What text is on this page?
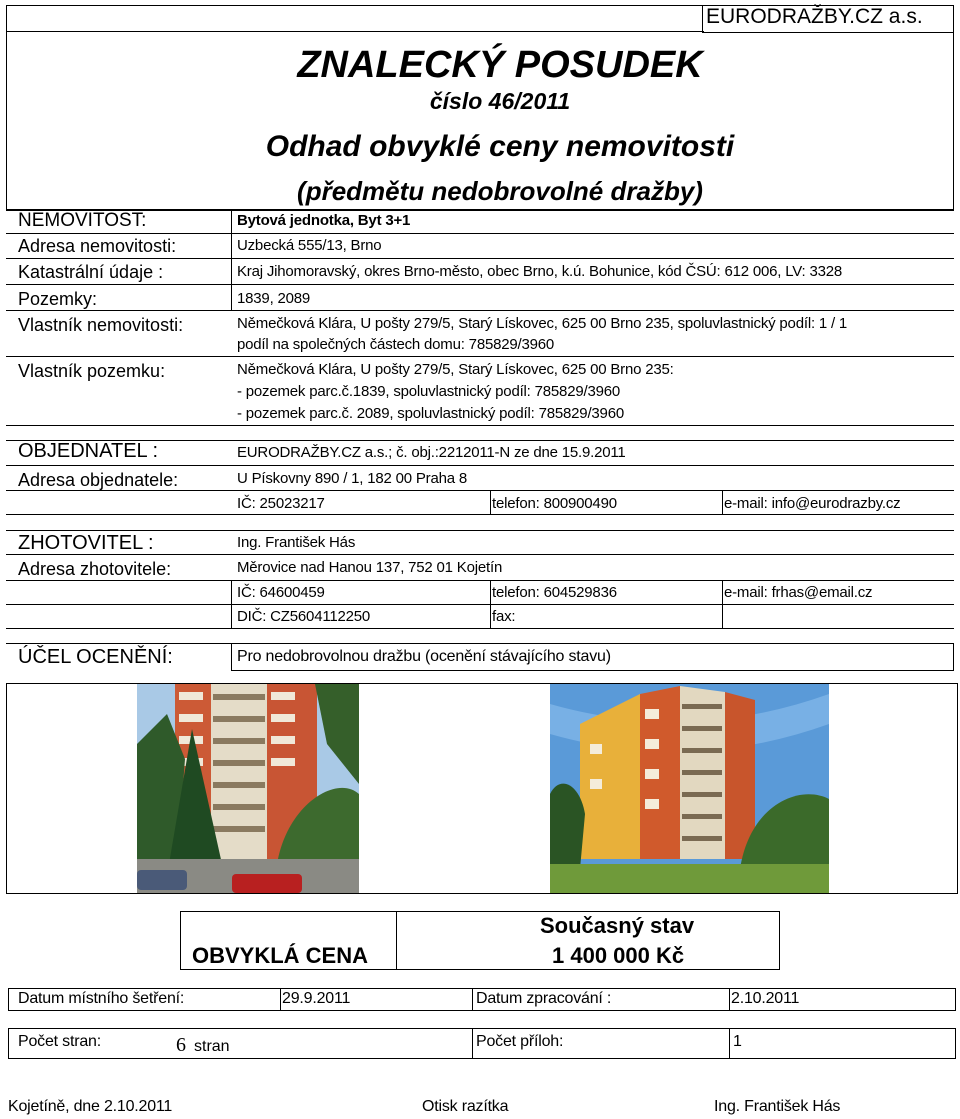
EURODRAŽBY.CZ a.s.
ZNALECKÝ POSUDEK
číslo 46/2011
Odhad obvyklé ceny nemovitosti
(předmětu nedobrovolné dražby)
NEMOVITOST:	Bytová jednotka, Byt 3+1
Adresa nemovitosti:	Uzbecká 555/13, Brno
Katastrální údaje :	Kraj Jihomoravský, okres Brno-město, obec Brno, k.ú. Bohunice, kód ČSÚ: 612 006, LV: 3328
Pozemky:	1839, 2089
Vlastník nemovitosti:	Němečková Klára, U pošty 279/5, Starý Lískovec, 625 00 Brno 235, spoluvlastnický podíl: 1 / 1
podíl na společných částech domu: 785829/3960
Vlastník pozemku:	Němečková Klára, U pošty 279/5, Starý Lískovec, 625 00 Brno 235:
- pozemek parc.č.1839, spoluvlastnický podíl: 785829/3960
- pozemek parc.č. 2089, spoluvlastnický podíl: 785829/3960
OBJEDNATEL :	EURODRAŽBY.CZ a.s.; č. obj.:2212011-N ze dne 15.9.2011
Adresa objednatele:	U Pískovny 890 / 1, 182 00 Praha 8
IČ: 25023217	telefon: 800900490	e-mail: info@eurodrazby.cz
ZHOTOVITEL :	Ing. František Hás
Adresa zhotovitele:	Měrovice nad Hanou 137, 752 01 Kojetín
IČ: 64600459	telefon: 604529836	e-mail: frhas@email.cz
DIČ: CZ5604112250	fax:
ÚČEL OCENĚNÍ:	Pro nedobrovolnou dražbu (ocenění stávajícího stavu)
OBVYKLÁ CENA
Současný stav
1 400 000 Kč
Datum místního šetření:	29.9.2011	Datum zpracování :	2.10.2011
Počet stran:	6 stran	Počet příloh:	1
Kojetíně, dne 2.10.2011	Otisk razítka	Ing. František Hás
